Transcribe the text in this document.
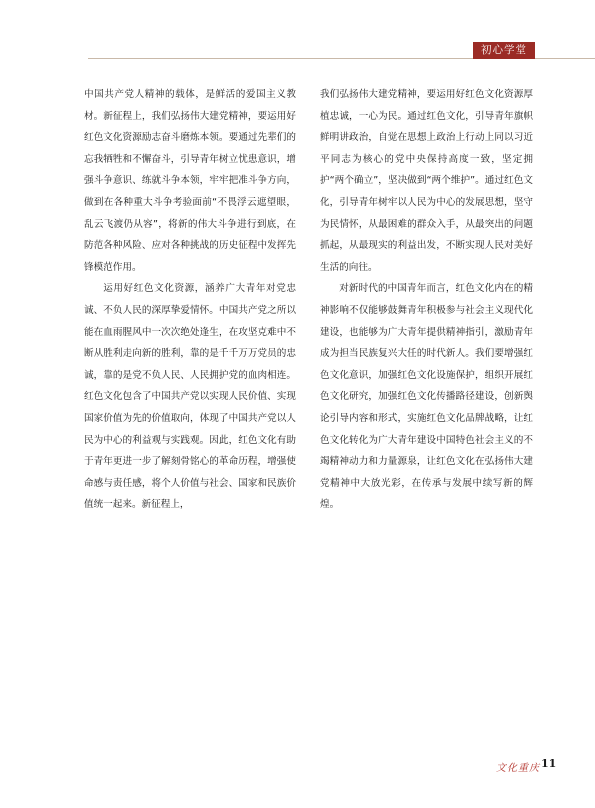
初心学堂

中国共产党人精神的载体，是鲜活的爱国主义教材。新征程上，我们弘扬伟大建党精神，要运用好红色文化资源励志奋斗磨炼本领。要通过先辈们的忘我牺牲和不懈奋斗，引导青年树立忧患意识，增强斗争意识、练就斗争本领，牢牢把准斗争方向，做到在各种重大斗争考验面前“不畏浮云遮望眼，乱云飞渡仍从容”，将新的伟大斗争进行到底，在防范各种风险、应对各种挑战的历史征程中发挥先锋模范作用。

运用好红色文化资源，涵养广大青年对党忠诚、不负人民的深厚挚爱情怀。中国共产党之所以能在血雨腥风中一次次绝处逢生，在攻坚克难中不断从胜利走向新的胜利，靠的是千千万万党员的忠诚，靠的是党不负人民、人民拥护党的血肉相连。红色文化包含了中国共产党以实现人民价值、实现国家价值为先的价值取向，体现了中国共产党以人民为中心的利益观与实践观。因此，红色文化有助于青年更进一步了解刻骨铭心的革命历程，增强使命感与责任感，将个人价值与社会、国家和民族价值统一起来。新征程上，

我们弘扬伟大建党精神，要运用好红色文化资源厚植忠诚，一心为民。通过红色文化，引导青年旗帜鲜明讲政治，自觉在思想上政治上行动上同以习近平同志为核心的党中央保持高度一致，坚定拥护“两个确立”，坚决做到“两个维护”。通过红色文化，引导青年树牢以人民为中心的发展思想，坚守为民情怀，从最困难的群众入手，从最突出的问题抓起，从最现实的利益出发，不断实现人民对美好生活的向往。

对新时代的中国青年而言，红色文化内在的精神影响不仅能够鼓舞青年积极参与社会主义现代化建设，也能够为广大青年提供精神指引，激励青年成为担当民族复兴大任的时代新人。我们要增强红色文化意识，加强红色文化设施保护，组织开展红色文化研究，加强红色文化传播路径建设，创新舆论引导内容和形式，实施红色文化品牌战略，让红色文化转化为广大青年建设中国特色社会主义的不竭精神动力和力量源泉，让红色文化在弘扬伟大建党精神中大放光彩，在传承与发展中续写新的辉煌。

文化重庆 11
